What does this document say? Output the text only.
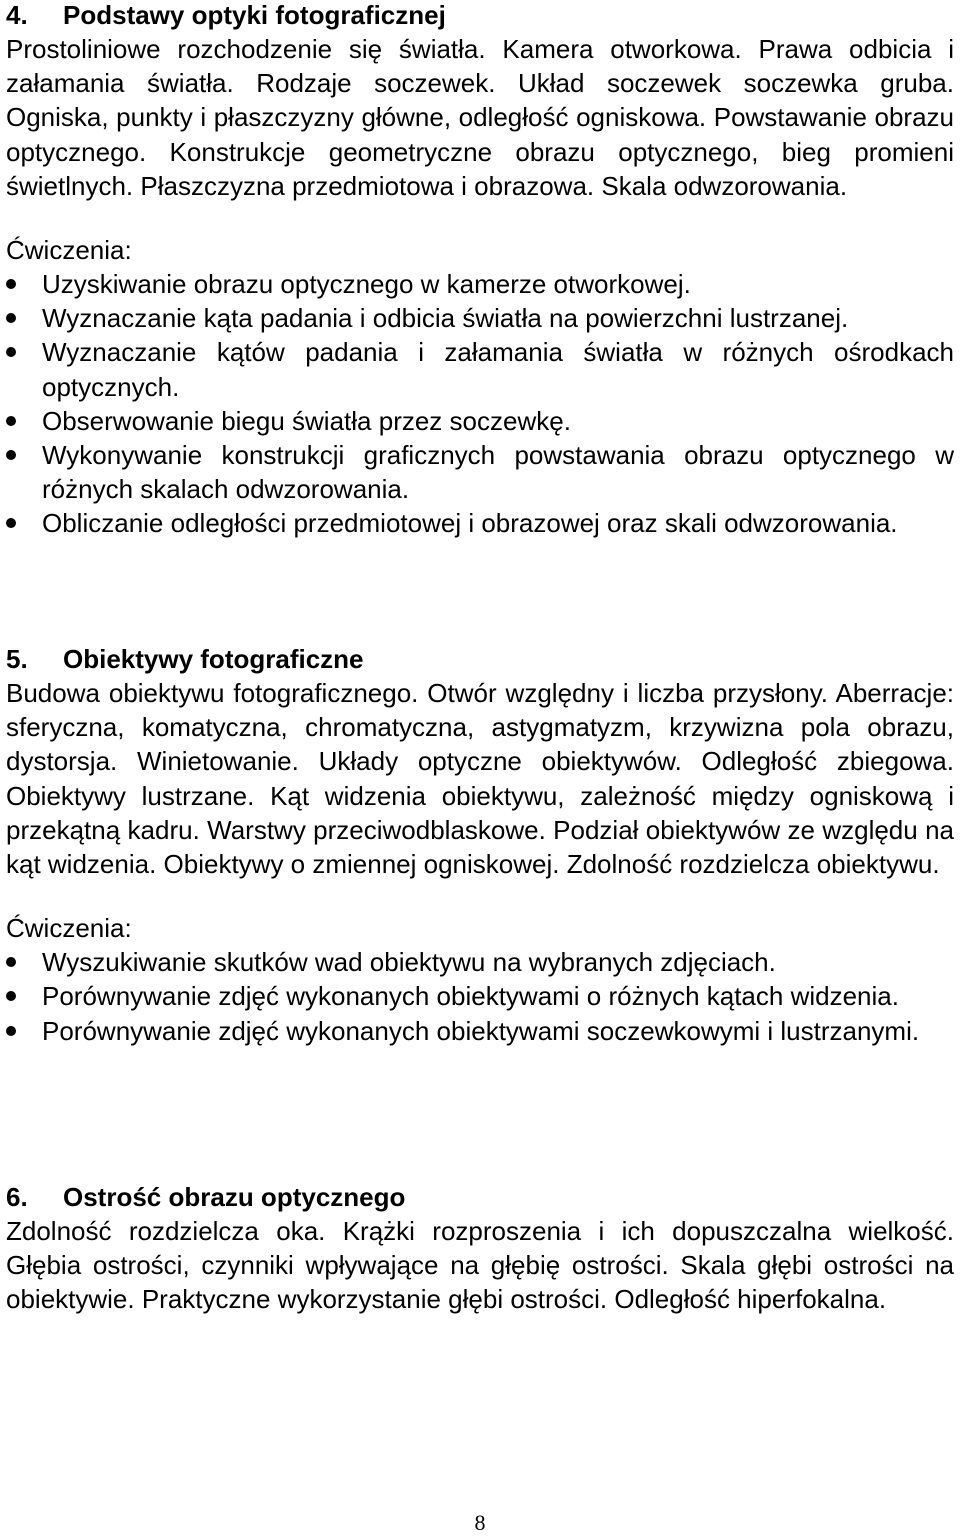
4.	Podstawy optyki fotograficznej

Prostoliniowe rozchodzenie się światła. Kamera otworkowa. Prawa odbicia i załamania światła. Rodzaje soczewek. Układ soczewek soczewka gruba. Ogniska, punkty i płaszczyzny główne, odległość ogniskowa. Powstawanie obrazu optycznego. Konstrukcje geometryczne obrazu optycznego, bieg promieni świetlnych. Płaszczyzna przedmiotowa i obrazowa. Skala odwzorowania.

Ćwiczenia:

Uzyskiwanie obrazu optycznego w kamerze otworkowej.
Wyznaczanie kąta padania i odbicia światła na powierzchni lustrzanej.
Wyznaczanie kątów padania i załamania światła w różnych ośrodkach optycznych.
Obserwowanie biegu światła przez soczewkę.
Wykonywanie konstrukcji graficznych powstawania obrazu optycznego w różnych skalach odwzorowania.
Obliczanie odległości przedmiotowej i obrazowej oraz skali odwzorowania.
5.	Obiektywy fotograficzne

Budowa obiektywu fotograficznego. Otwór względny i liczba przysłony. Aberracje: sferyczna, komatyczna, chromatyczna, astygmatyzm, krzywizna pola obrazu, dystorsja. Winietowanie. Układy optyczne obiektywów. Odległość zbiegowa. Obiektywy lustrzane. Kąt widzenia obiektywu, zależność między ogniskową i przekątną kadru. Warstwy przeciwodblaskowe. Podział obiektywów ze względu na kąt widzenia. Obiektywy o zmiennej ogniskowej. Zdolność rozdzielcza obiektywu.

Ćwiczenia:

Wyszukiwanie skutków wad obiektywu na wybranych zdjęciach.
Porównywanie zdjęć wykonanych obiektywami o różnych kątach widzenia.
Porównywanie zdjęć wykonanych obiektywami soczewkowymi i lustrzanymi.
6.	Ostrość obrazu optycznego

Zdolność rozdzielcza oka. Krążki rozproszenia i ich dopuszczalna wielkość. Głębia ostrości, czynniki wpływające na głębię ostrości. Skala głębi ostrości na obiektywie. Praktyczne wykorzystanie głębi ostrości. Odległość hiperfokalna.

8
